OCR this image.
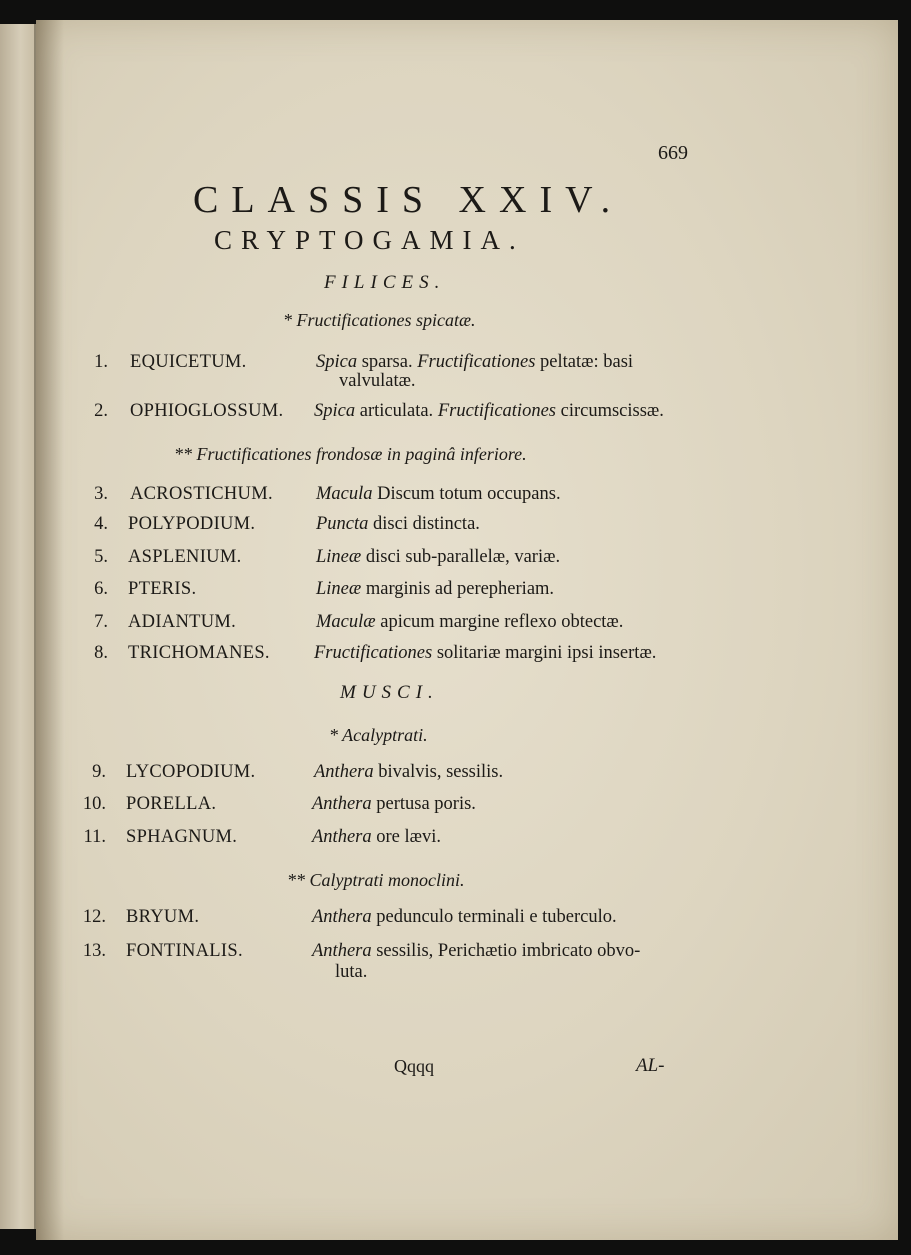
669
CLASSIS XXIV.
CRYPTOGAMIA.
FILICES.
* Fructificationes spicatæ.
** Fructificationes frondosæ in paginâ inferiore.
MUSCI.
* Acalyptrati.
** Calyptrati monoclini.
1. EQUICETUM.	Spica sparsa. Fructificationes peltatæ: basi
valvulatæ.
2. OPHIOGLOSSUM. Spica articulata. Fructificationes circumscissæ.
3. ACROSTICHUM. Macula Discum totum occupans.
4. POLYPODIUM.	Puncta disci distincta.
5. ASPLENIUM.	Lineæ disci sub-parallelæ, variæ.
6. PTERIS.	Lineæ marginis ad perepheriam.
7. ADIANTUM.	Maculæ apicum margine reflexo obtectæ.
8. TRICHOMANES. Fructificationes solitariæ margini ipsi insertæ.
9. LYCOPODIUM.	Anthera bivalvis, sessilis.
10. PORELLA.	Anthera pertusa poris.
11. SPHAGNUM.	Anthera ore lævi.
12. BRYUM.	Anthera pedunculo terminali e tuberculo.
13. FONTINALIS.	Anthera sessilis, Perichætio imbricato obvo-
luta.
Qqqq	AL-
